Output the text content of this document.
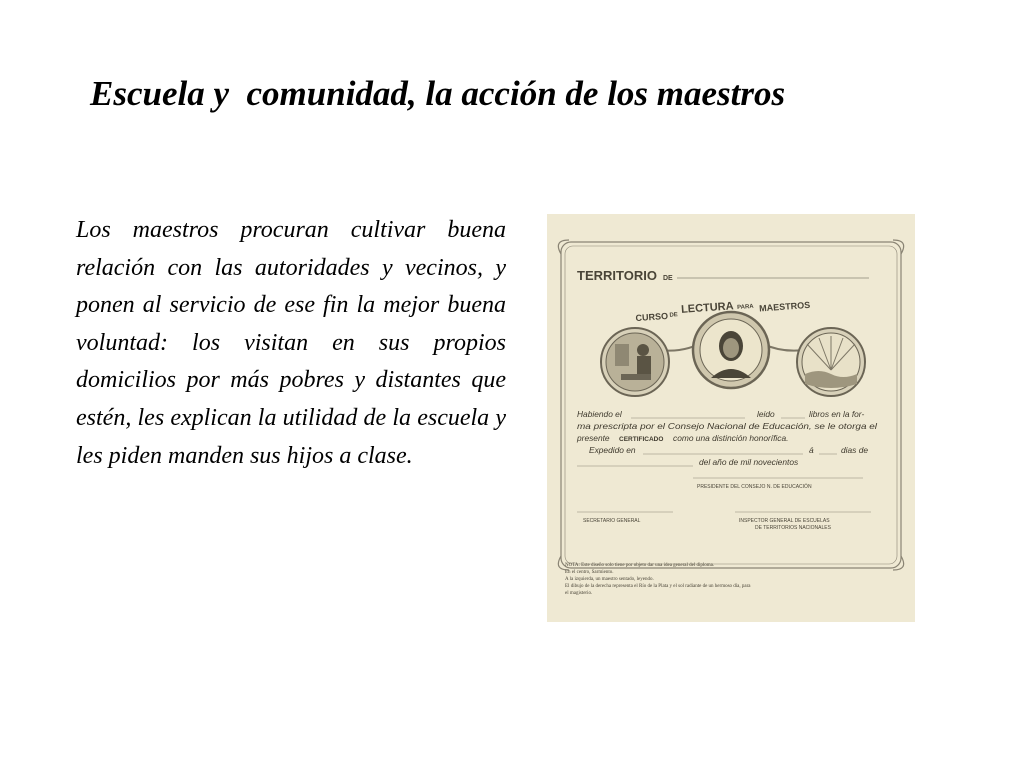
Escuela y  comunidad, la acción de los maestros
Los maestros procuran cultivar buena relación con las autoridades y vecinos, y ponen al servicio de ese fin la mejor buena voluntad: los visitan en sus propios domicilios por más pobres y distantes que estén, les explican la utilidad de la escuela y les piden manden sus hijos a clase.
TERRITORIO DE
CURSO DE LECTURA PARA MAESTROS
Habiendo el	leido	libros en la for-
ma prescripta por el Consejo Nacional de Educación, se le otorga el
presente CERTIFICADO como una distinción honorífica.
Expedido en	á	dias de
del año de mil novecientos
PRESIDENTE DEL CONSEJO N. DE EDUCACIÓN
SECRETARIO GENERAL	INSPECTOR GENERAL DE ESCUELAS
DE TERRITORIOS NACIONALES
NOTA: Este diseño solo tiene por objeto dar una idea general del diploma.
En el centro, Sarmiento.
A la izquierda, un maestro sentado, leyendo.
El dibujo de la derecha representa el Río de la Plata y el sol radiante de un hermoso día, para
el magisterio.
